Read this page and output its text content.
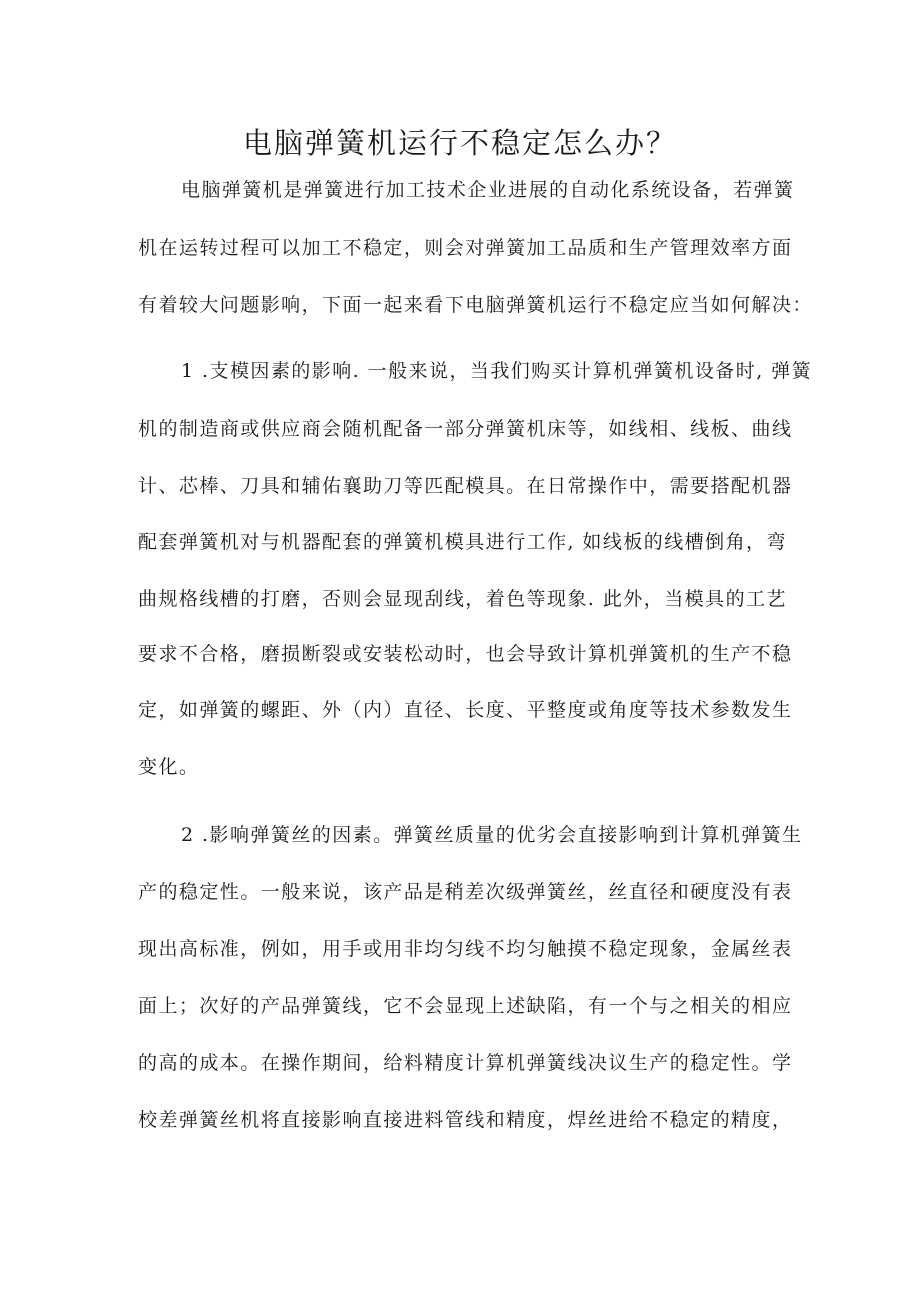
电脑弹簧机运行不稳定怎么办？
电脑弹簧机是弹簧进行加工技术企业进展的自动化系统设备，若弹簧
机在运转过程可以加工不稳定，则会对弹簧加工品质和生产管理效率方面
有着较大问题影响，下面一起来看下电脑弹簧机运行不稳定应当如何解决：
1 .支模因素的影响. 一般来说，当我们购买计算机弹簧机设备时, 弹簧
机的制造商或供应商会随机配备一部分弹簧机床等，如线相、线板、曲线
计、芯棒、刀具和辅佑襄助刀等匹配模具。在日常操作中，需要搭配机器
配套弹簧机对与机器配套的弹簧机模具进行工作, 如线板的线槽倒角，弯
曲规格线槽的打磨，否则会显现刮线，着色等现象. 此外，当模具的工艺
要求不合格，磨损断裂或安装松动时，也会导致计算机弹簧机的生产不稳
定，如弹簧的螺距、外（内）直径、长度、平整度或角度等技术参数发生
变化。
2 .影响弹簧丝的因素。弹簧丝质量的优劣会直接影响到计算机弹簧生
产的稳定性。一般来说，该产品是稍差次级弹簧丝，丝直径和硬度没有表
现出高标准，例如，用手或用非均匀线不均匀触摸不稳定现象，金属丝表
面上；次好的产品弹簧线，它不会显现上述缺陷，有一个与之相关的相应
的高的成本。在操作期间，给料精度计算机弹簧线决议生产的稳定性。学
校差弹簧丝机将直接影响直接进料管线和精度，焊丝进给不稳定的精度，
